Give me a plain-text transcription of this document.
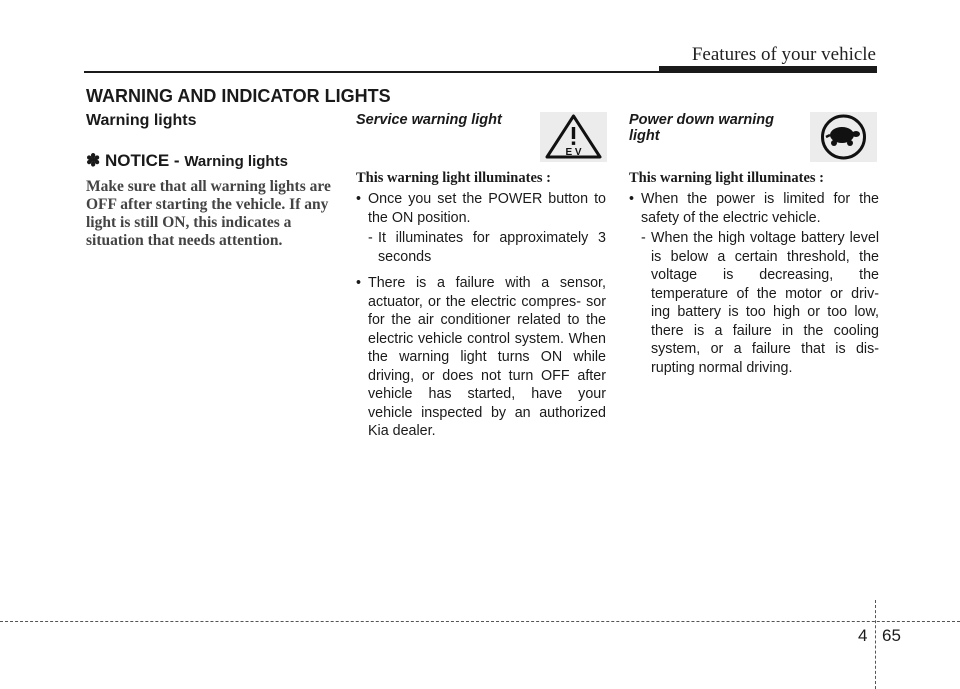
Features of your vehicle
WARNING AND INDICATOR LIGHTS

Warning lights

✽ NOTICE - Warning lights

Make sure that all warning lights are OFF after starting the vehicle. If any light is still ON, this indicates a situation that needs attention.

Service warning light

This warning light illuminates :

• Once you set the POWER button to the ON position.
- It illuminates for approximately 3 seconds
• There is a failure with a sensor, actuator, or the electric compres- sor for the air conditioner related to the electric vehicle control system. When the warning light turns ON while driving, or does not turn OFF after vehicle has started, have your vehicle inspected by an authorized Kia dealer.
E V

Power down warning light

This warning light illuminates :

• When the power is limited for the safety of the electric vehicle.
- When the high voltage battery level is below a certain threshold, the voltage is decreasing, the temperature of the motor or driv- ing battery is too high or too low, there is a failure in the cooling system, or a failure that is dis- rupting normal driving.
4 65
